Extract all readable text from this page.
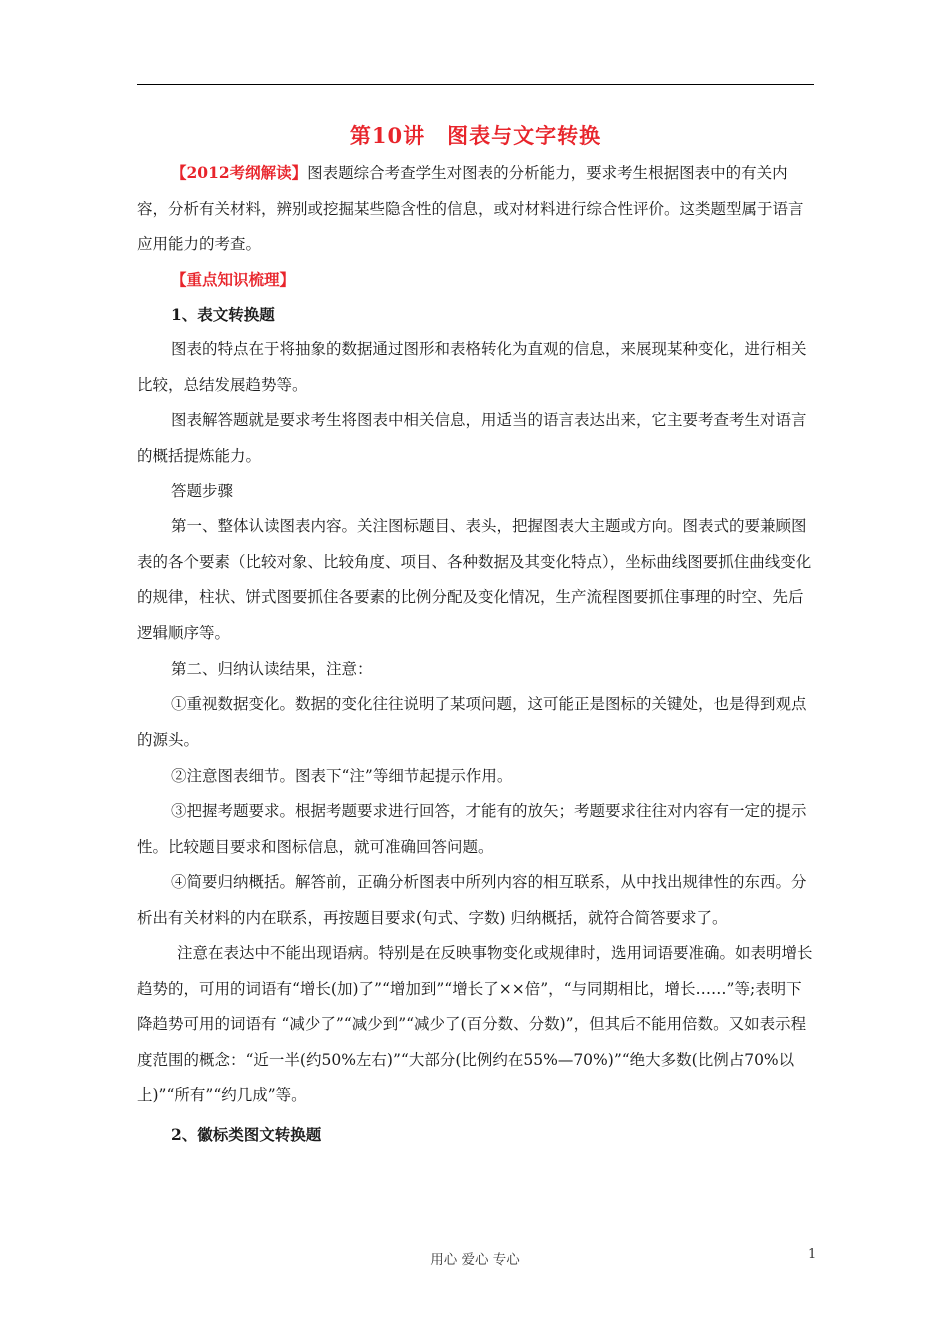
第10讲　图表与文字转换

【2012考纲解读】图表题综合考查学生对图表的分析能力，要求考生根据图表中的有关内容，分析有关材料，辨别或挖掘某些隐含性的信息，或对材料进行综合性评价。这类题型属于语言应用能力的考查。

【重点知识梳理】

1、表文转换题

图表的特点在于将抽象的数据通过图形和表格转化为直观的信息，来展现某种变化，进行相关比较，总结发展趋势等。

图表解答题就是要求考生将图表中相关信息，用适当的语言表达出来，它主要考查考生对语言的概括提炼能力。

答题步骤

第一、整体认读图表内容。关注图标题目、表头，把握图表大主题或方向。图表式的要兼顾图表的各个要素（比较对象、比较角度、项目、各种数据及其变化特点），坐标曲线图要抓住曲线变化的规律，柱状、饼式图要抓住各要素的比例分配及变化情况，生产流程图要抓住事理的时空、先后逻辑顺序等。

第二、归纳认读结果，注意：

①重视数据变化。数据的变化往往说明了某项问题，这可能正是图标的关键处，也是得到观点的源头。

②注意图表细节。图表下“注”等细节起提示作用。

③把握考题要求。根据考题要求进行回答，才能有的放矢；考题要求往往对内容有一定的提示性。比较题目要求和图标信息，就可准确回答问题。

④简要归纳概括。解答前，正确分析图表中所列内容的相互联系，从中找出规律性的东西。分析出有关材料的内在联系，再按题目要求(句式、字数) 归纳概括，就符合简答要求了。

注意在表达中不能出现语病。特别是在反映事物变化或规律时，选用词语要准确。如表明增长趋势的，可用的词语有“增长(加)了”“增加到”“增长了××倍”，“与同期相比，增长……”等;表明下降趋势可用的词语有 “减少了”“减少到”“减少了(百分数、分数)”，但其后不能用倍数。又如表示程度范围的概念：“近一半(约50%左右)”“大部分(比例约在55%—70%)”“绝大多数(比例占70%以上)”“所有”“约几成”等。

2、徽标类图文转换题

用心 爱心 专心	1
